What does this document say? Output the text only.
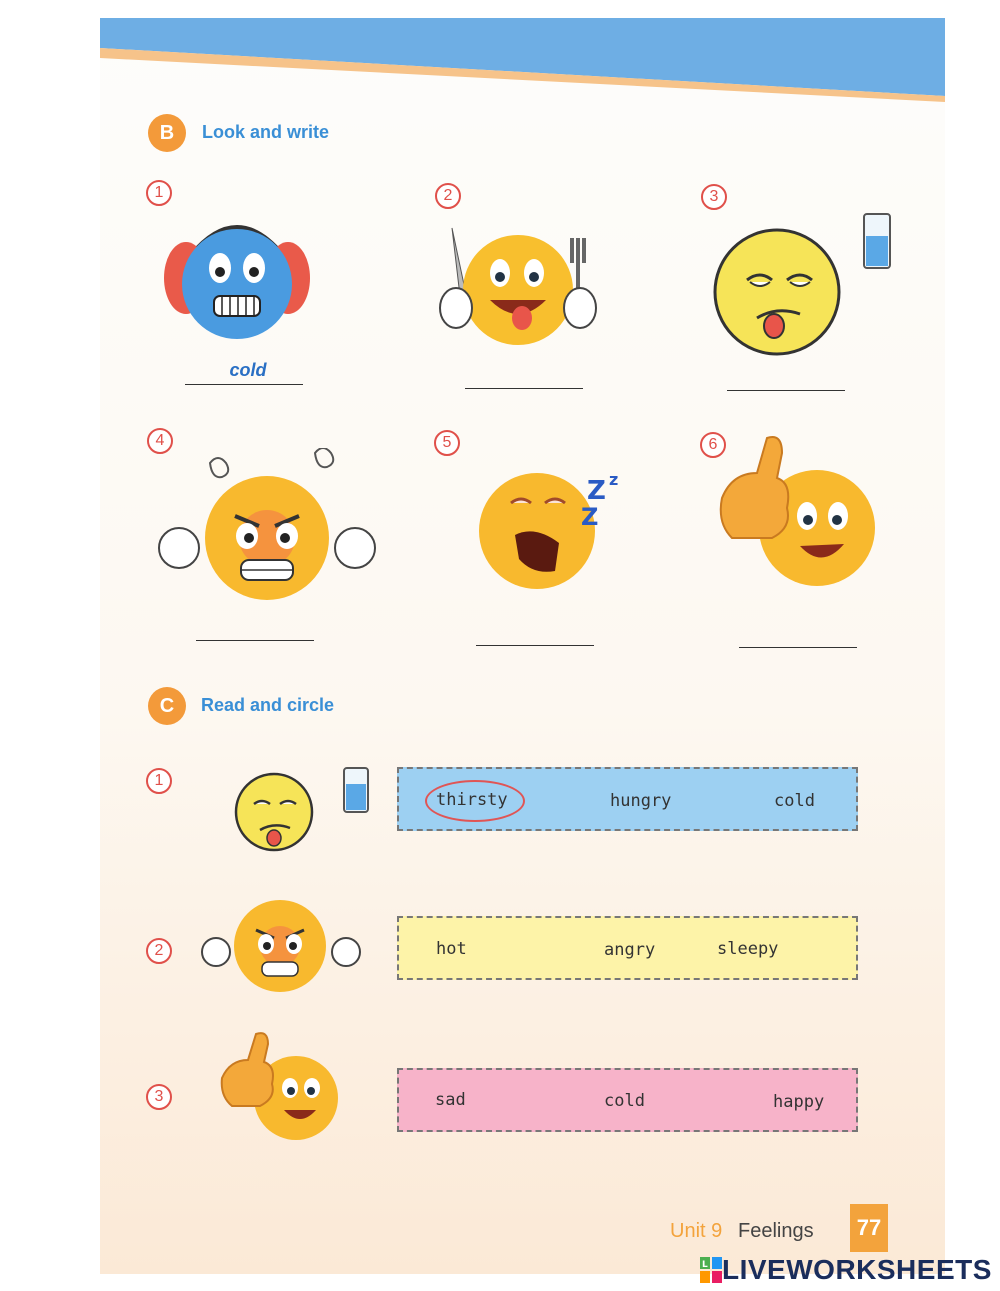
B	Look and write
1	2	3
4	5	6
cold
Z z
Z
C	Read and circle
1
2
3
thirsty	hungry	cold
hot	angry	sleepy
sad	cold	happy
Unit 9 Feelings	77
L LIVEWORKSHEETS
